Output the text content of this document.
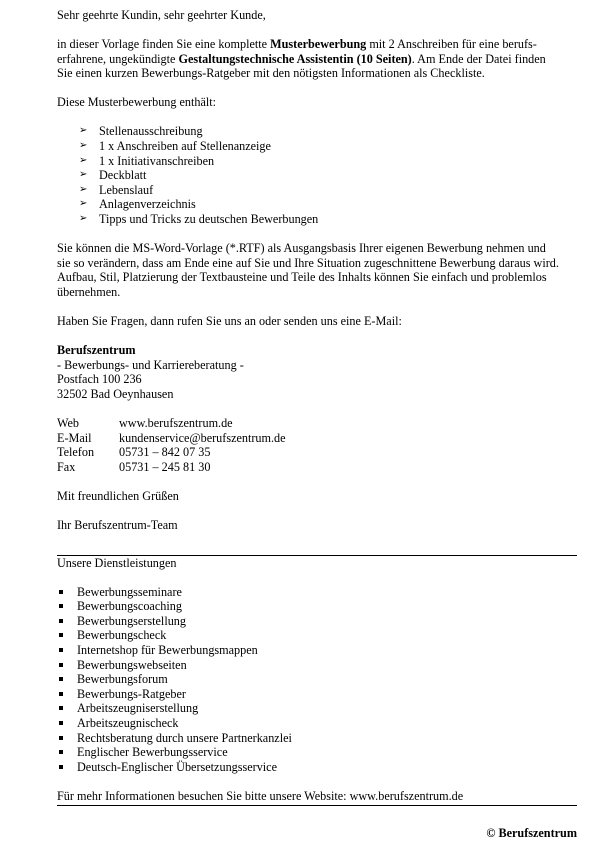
Sehr geehrte Kundin, sehr geehrter Kunde,

in dieser Vorlage finden Sie eine komplette Musterbewerbung mit 2 Anschreiben für eine berufs-

erfahrene, ungekündigte Gestaltungstechnische Assistentin (10 Seiten). Am Ende der Datei finden

Sie einen kurzen Bewerbungs-Ratgeber mit den nötigsten Informationen als Checkliste.

Diese Musterbewerbung enthält:

➢ Stellenausschreibung
➢ 1 x Anschreiben auf Stellenanzeige
➢ 1 x Initiativanschreiben
➢ Deckblatt
➢ Lebenslauf
➢ Anlagenverzeichnis
➢ Tipps und Tricks zu deutschen Bewerbungen

Sie können die MS-Word-Vorlage (*.RTF) als Ausgangsbasis Ihrer eigenen Bewerbung nehmen und

sie so verändern, dass am Ende eine auf Sie und Ihre Situation zugeschnittene Bewerbung daraus wird.

Aufbau, Stil, Platzierung der Textbausteine und Teile des Inhalts können Sie einfach und problemlos

übernehmen.

Haben Sie Fragen, dann rufen Sie uns an oder senden uns eine E-Mail:

Berufszentrum

- Bewerbungs- und Karriereberatung -

Postfach 100 236

32502 Bad Oeynhausen

Web	www.berufszentrum.de
E-Mail	kundenservice@berufszentrum.de
Telefon	05731 – 842 07 35
Fax	05731 – 245 81 30

Mit freundlichen Grüßen

Ihr Berufszentrum-Team

Unsere Dienstleistungen

Bewerbungsseminare
Bewerbungscoaching
Bewerbungserstellung
Bewerbungscheck
Internetshop für Bewerbungsmappen
Bewerbungswebseiten
Bewerbungsforum
Bewerbungs-Ratgeber
Arbeitszeugniserstellung
Arbeitszeugnischeck
Rechtsberatung durch unsere Partnerkanzlei
Englischer Bewerbungsservice
Deutsch-Englischer Übersetzungsservice

Für mehr Informationen besuchen Sie bitte unsere Website: www.berufszentrum.de

© Berufszentrum
